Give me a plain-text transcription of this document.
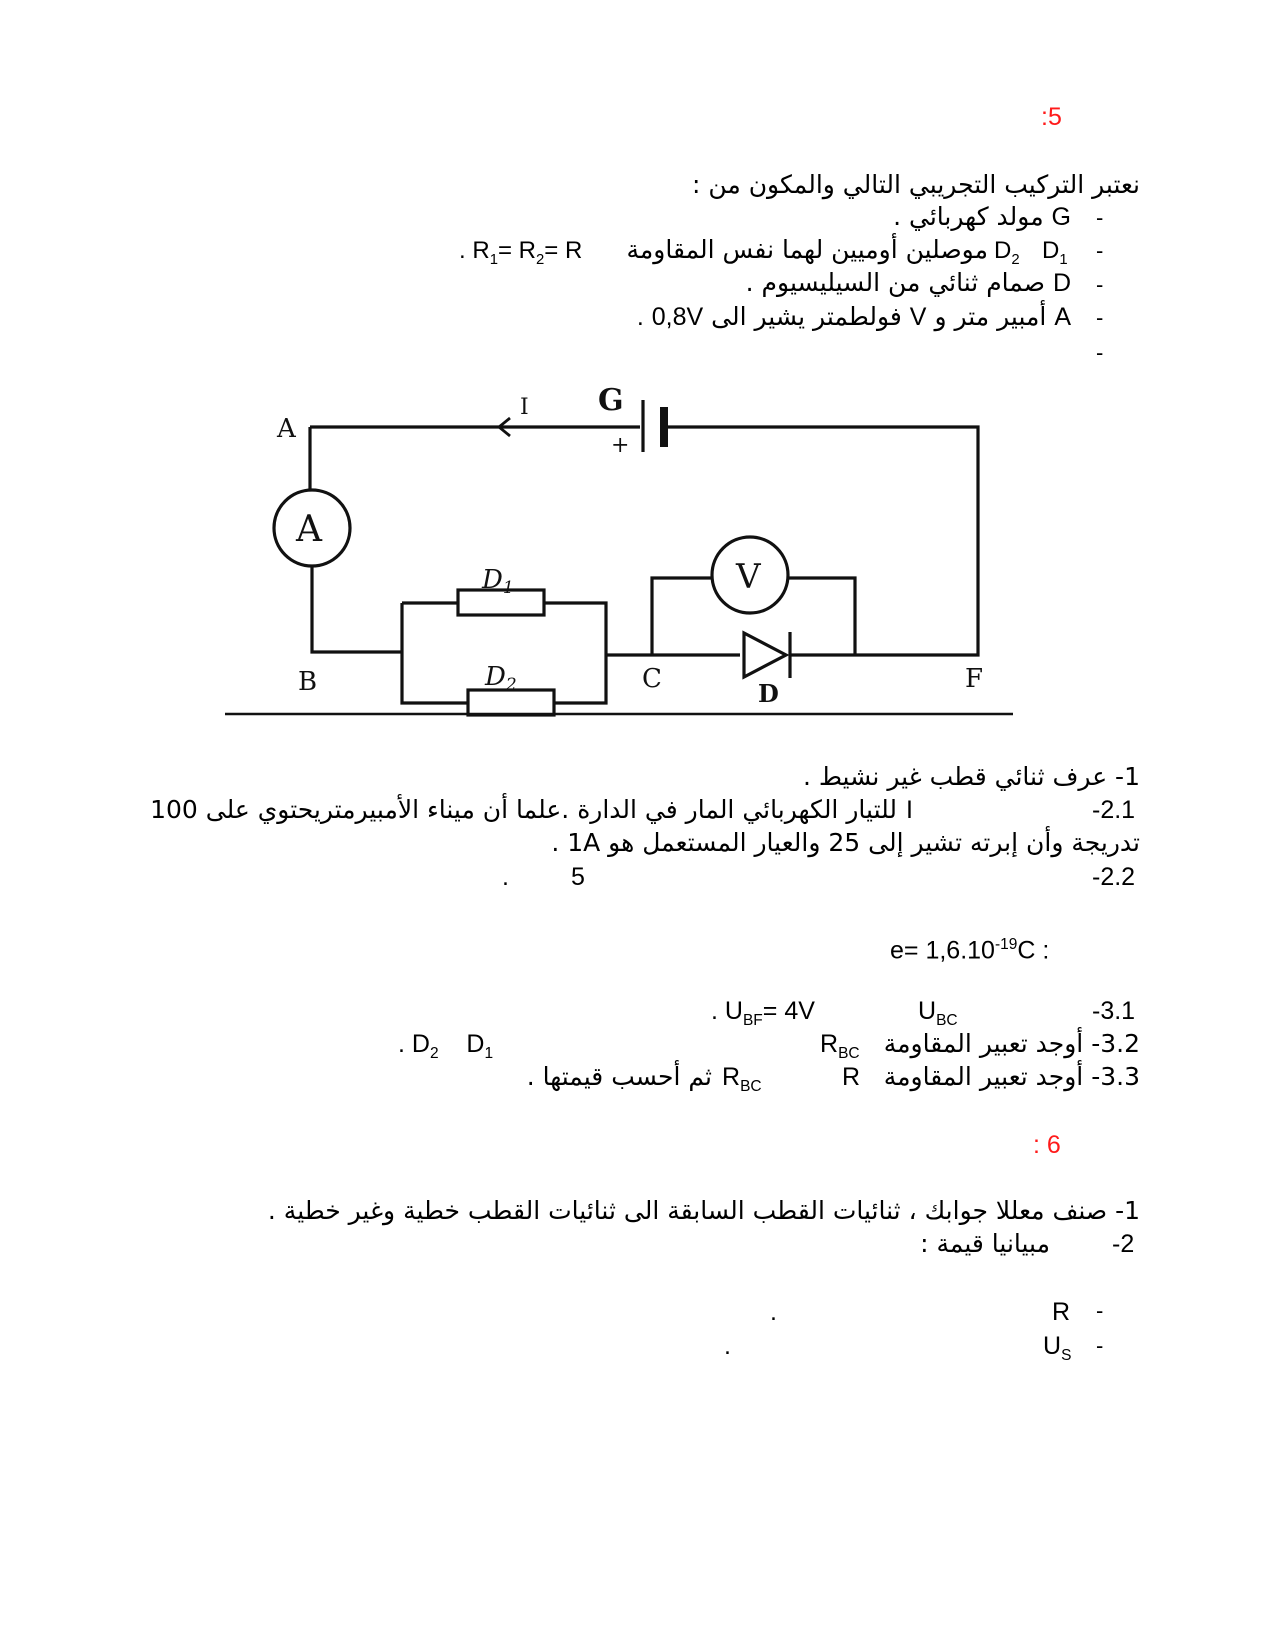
:5
نعتبر التركيب التجريبي التالي والمكون من :
-
G مولد كهربائي .
-
$D_1$
$D_2$
موصلين أوميين لهما نفس المقاومة
. $R_1= R_2= R$
-
D صمام ثنائي من السيليسيوم .
-
A أمبير متر و V فولطمتر يشير الى 0,8V .
-
A
B	C	F
G
I
+
A
V
D1
D2	D
1- عرف ثنائي قطب غير نشيط .
-2.1
I
للتيار الكهربائي المار في الدارة .علما أن ميناء الأمبيرمتريحتوي على 100
تدريجة وأن إبرته تشير إلى 25 والعيار المستعمل هو 1A .
-2.2
5
.
$e= 1,6.10^{-19}C$ :
-3.1
$U_{BC}$
. $U_{BF}= 4V$
3.2- أوجد تعبير المقاومة
$R_{BC}$
. $D_2$ $D_1$
3.3- أوجد تعبير المقاومة
R
$R_{BC}$
ثم أحسب قيمتها .
: 6
1- صنف معللا جوابك ، ثنائيات القطب السابقة الى ثنائيات القطب خطية وغير خطية .
-2
مبيانيا قيمة :
-
R
.
-
$U_S$
.
